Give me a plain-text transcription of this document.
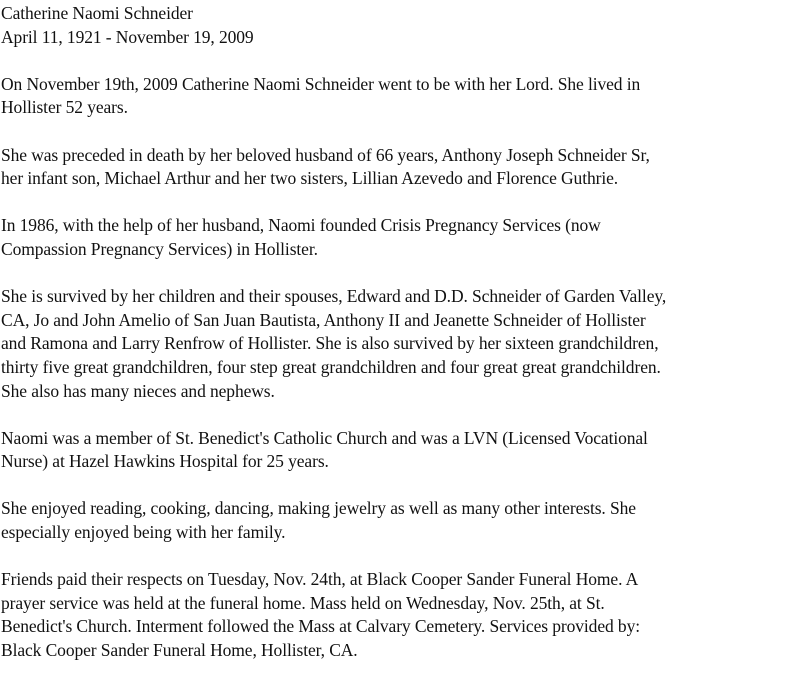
Catherine Naomi Schneider
April 11, 1921 - November 19, 2009
On November 19th, 2009 Catherine Naomi Schneider went to be with her Lord. She lived in
Hollister 52 years.
She was preceded in death by her beloved husband of 66 years, Anthony Joseph Schneider Sr,
her infant son, Michael Arthur and her two sisters, Lillian Azevedo and Florence Guthrie.
In 1986, with the help of her husband, Naomi founded Crisis Pregnancy Services (now
Compassion Pregnancy Services) in Hollister.
She is survived by her children and their spouses, Edward and D.D. Schneider of Garden Valley,
CA, Jo and John Amelio of San Juan Bautista, Anthony II and Jeanette Schneider of Hollister
and Ramona and Larry Renfrow of Hollister. She is also survived by her sixteen grandchildren,
thirty five great grandchildren, four step great grandchildren and four great great grandchildren.
She also has many nieces and nephews.
Naomi was a member of St. Benedict's Catholic Church and was a LVN (Licensed Vocational
Nurse) at Hazel Hawkins Hospital for 25 years.
She enjoyed reading, cooking, dancing, making jewelry as well as many other interests. She
especially enjoyed being with her family.
Friends paid their respects on Tuesday, Nov. 24th, at Black Cooper Sander Funeral Home. A
prayer service was held at the funeral home. Mass held on Wednesday, Nov. 25th, at St.
Benedict's Church. Interment followed the Mass at Calvary Cemetery. Services provided by:
Black Cooper Sander Funeral Home, Hollister, CA.
